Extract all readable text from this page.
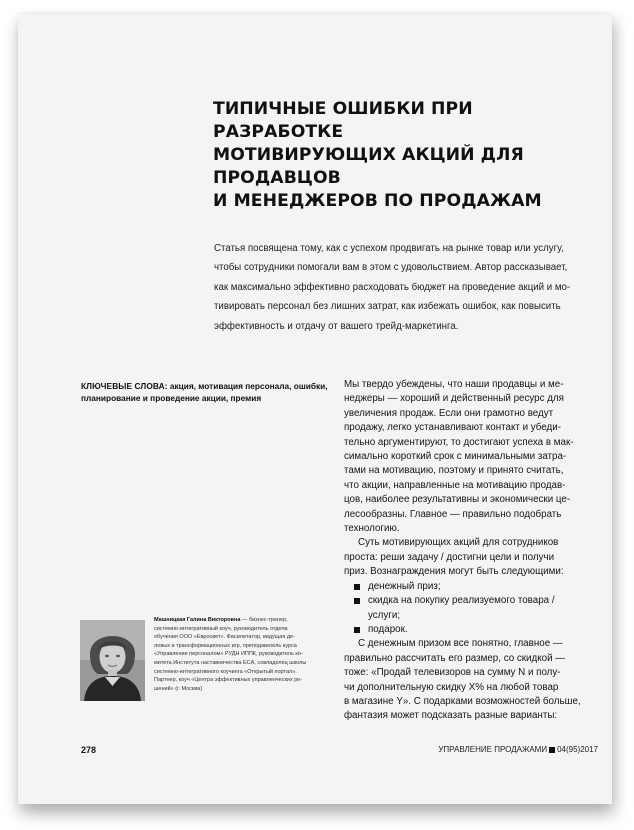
ТИПИЧНЫЕ ОШИБКИ ПРИ РАЗРАБОТКЕ
МОТИВИРУЮЩИХ АКЦИЙ ДЛЯ ПРОДАВЦОВ
И МЕНЕДЖЕРОВ ПО ПРОДАЖАМ

Статья посвящена тому, как с успехом продвигать на рынке товар или услугу,
чтобы сотрудники помогали вам в этом с удовольствием. Автор рассказывает,
как максимально эффективно расходовать бюджет на проведение акций и мо-
тивировать персонал без лишних затрат, как избежать ошибок, как повысить
эффективность и отдачу от вашего трейд-маркетинга.

КЛЮЧЕВЫЕ СЛОВА: акция, мотивация персонала, ошибки,
планирование и проведение акции, премия

Мы твердо убеждены, что наши продавцы и ме-
неджеры — хороший и действенный ресурс для
увеличения продаж. Если они грамотно ведут
продажу, легко устанавливают контакт и убеди-
тельно аргументируют, то достигают успеха в мак-
симально короткий срок с минимальными затра-
тами на мотивацию, поэтому и принято считать,
что акции, направленные на мотивацию продав-
цов, наиболее результативны и экономически це-
лесообразны. Главное — правильно подобрать
технологию.

Суть мотивирующих акций для сотрудников
проста: реши задачу / достигни цели и получи
приз. Вознаграждения могут быть следующими:

денежный приз;
скидка на покупку реализуемого товара /
услуги;
подарок.

С денежным призом все понятно, главное —
правильно рассчитать его размер, со скидкой —
тоже: «Продай телевизоров на сумму N и полу-
чи дополнительную скидку X% на любой товар
в магазине Y». С подарками возможностей больше,
фантазия может подсказать разные варианты:

Машницкая Галина Викторовна — бизнес-тренер,
системно-интегративный коуч, руководитель отдела
обучения ООО «Евросвет». Фасилитатор, ведущая де-
ловых и трансформационных игр, преподаватель курса
«Управление персоналом» РУДН ИППК, руководитель ко-
митета Института наставничества ECA, совладелец школы
системно-интегративного коучинга «Открытый портал».
Партнер, коуч «Центра эффективных управленческих ре-
шений» (г. Москва)

278	УПРАВЛЕНИЕ ПРОДАЖАМИ 04(95)2017
